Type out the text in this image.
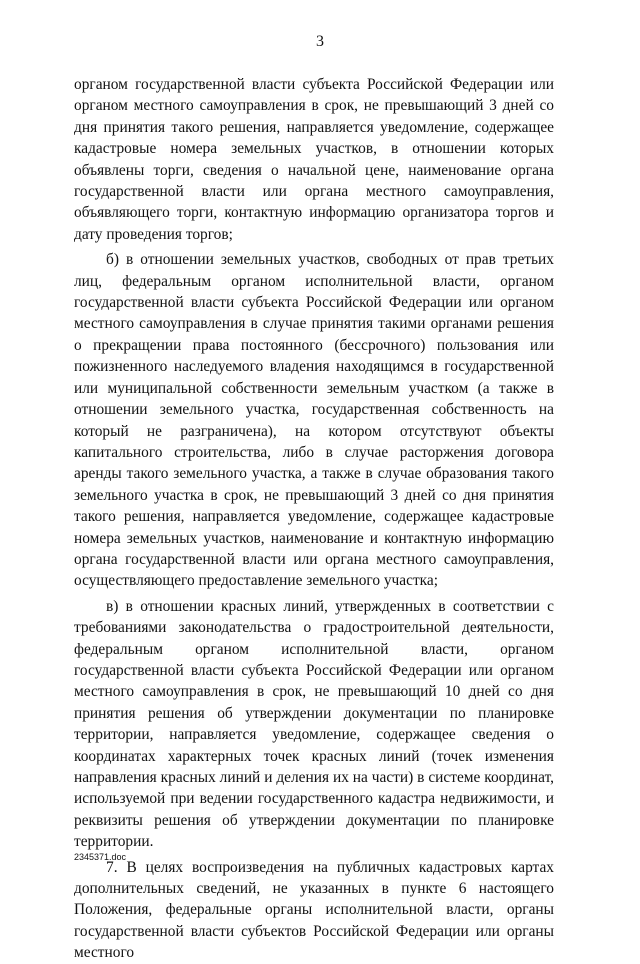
3

органом государственной власти субъекта Российской Федерации или органом местного самоуправления в срок, не превышающий 3 дней со дня принятия такого решения, направляется уведомление, содержащее кадастровые номера земельных участков, в отношении которых объявлены торги, сведения о начальной цене, наименование органа государственной власти или органа местного самоуправления, объявляющего торги, контактную информацию организатора торгов и дату проведения торгов;

б) в отношении земельных участков, свободных от прав третьих лиц, федеральным органом исполнительной власти, органом государственной власти субъекта Российской Федерации или органом местного самоуправления в случае принятия такими органами решения о прекращении права постоянного (бессрочного) пользования или пожизненного наследуемого владения находящимся в государственной или муниципальной собственности земельным участком (а также в отношении земельного участка, государственная собственность на который не разграничена), на котором отсутствуют объекты капитального строительства, либо в случае расторжения договора аренды такого земельного участка, а также в случае образования такого земельного участка в срок, не превышающий 3 дней со дня принятия такого решения, направляется уведомление, содержащее кадастровые номера земельных участков, наименование и контактную информацию органа государственной власти или органа местного самоуправления, осуществляющего предоставление земельного участка;

в) в отношении красных линий, утвержденных в соответствии с требованиями законодательства о градостроительной деятельности, федеральным органом исполнительной власти, органом государственной власти субъекта Российской Федерации или органом местного самоуправления в срок, не превышающий 10 дней со дня принятия решения об утверждении документации по планировке территории, направляется уведомление, содержащее сведения о координатах характерных точек красных линий (точек изменения направления красных линий и деления их на части) в системе координат, используемой при ведении государственного кадастра недвижимости, и реквизиты решения об утверждении документации по планировке территории.

7. В целях воспроизведения на публичных кадастровых картах дополнительных сведений, не указанных в пункте 6 настоящего Положения, федеральные органы исполнительной власти, органы государственной власти субъектов Российской Федерации или органы местного

2345371.doc
